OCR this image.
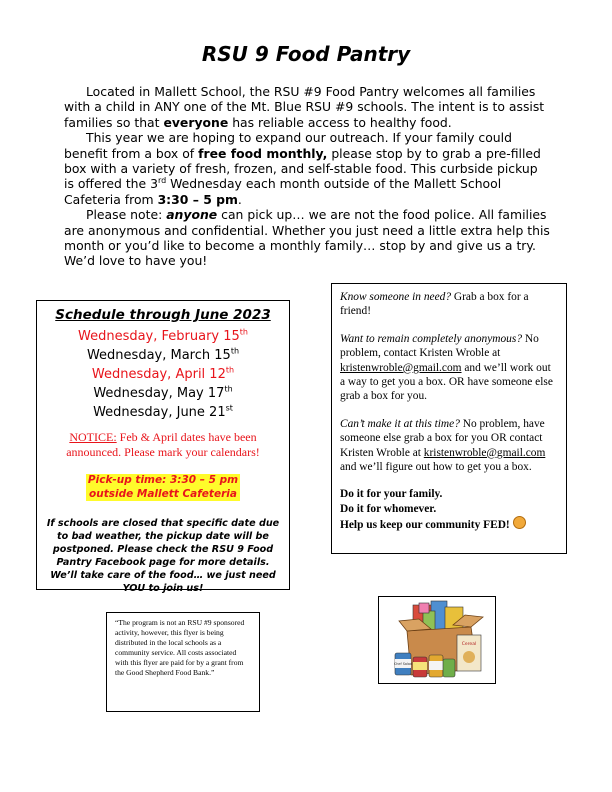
RSU 9 Food Pantry

Located in Mallett School, the RSU #9 Food Pantry welcomes all families with a child in ANY one of the Mt. Blue RSU #9 schools. The intent is to assist families so that everyone has reliable access to healthy food.

This year we are hoping to expand our outreach. If your family could benefit from a box of free food monthly, please stop by to grab a pre-filled box with a variety of fresh, frozen, and self-stable food. This curbside pickup is offered the 3rd Wednesday each month outside of the Mallett School Cafeteria from 3:30 – 5 pm.

Please note: anyone can pick up… we are not the food police. All families are anonymous and confidential. Whether you just need a little extra help this month or you’d like to become a monthly family… stop by and give us a try. We’d love to have you!

Schedule through June 2023
Wednesday, February 15th
Wednesday, March 15th
Wednesday, April 12th
Wednesday, May 17th
Wednesday, June 21st
NOTICE: Feb & April dates have been announced. Please mark your calendars!
Pick-up time: 3:30 – 5 pm
outside Mallett Cafeteria
If schools are closed that specific date due to bad weather, the pickup date will be postponed. Please check the RSU 9 Food Pantry Facebook page for more details. We’ll take care of the food… we just need YOU to join us!

Know someone in need? Grab a box for a friend!

Want to remain completely anonymous? No problem, contact Kristen Wroble at kristenwroble@gmail.com and we’ll work out a way to get you a box. OR have someone else grab a box for you.

Can’t make it at this time? No problem, have someone else grab a box for you OR contact Kristen Wroble at kristenwroble@gmail.com and we’ll figure out how to get you a box.

Do it for your family.

Do it for whomever.

Help us keep our community FED!

“The program is not an RSU #9 sponsored activity, however, this flyer is being distributed in the local schools as a community service. All costs associated with this flyer are paid for by a grant from the Good Shepherd Food Bank.”
Cereal
Chef Salad
